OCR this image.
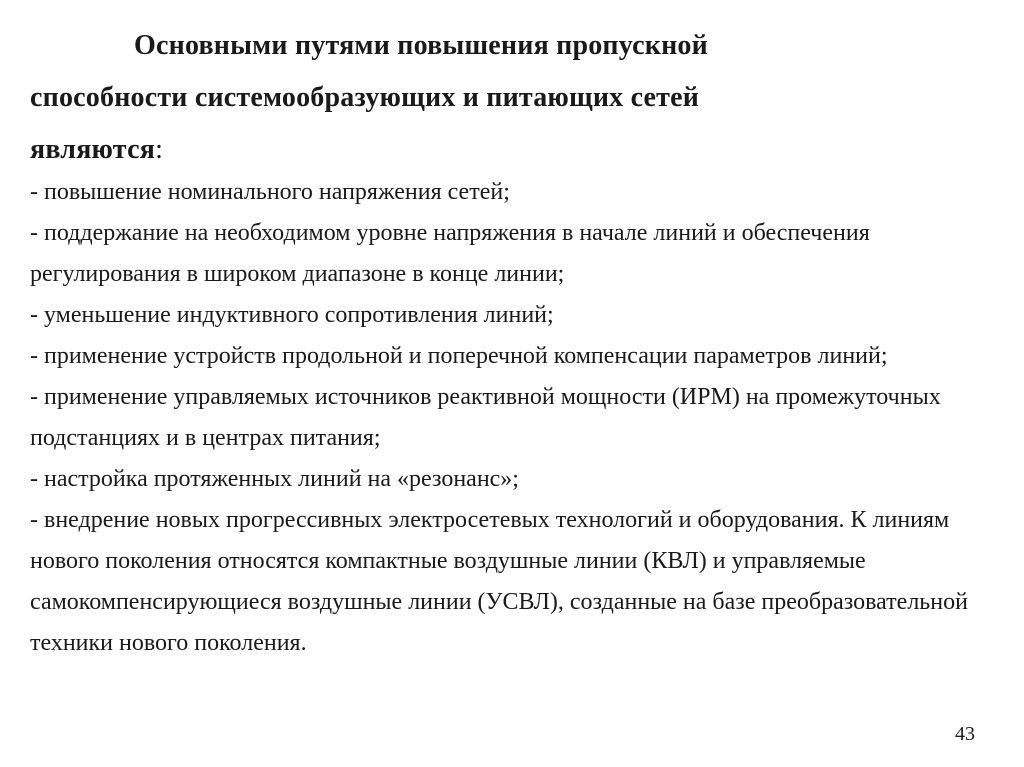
Основными путями повышения пропускной
способности системообразующих и питающих сетей
являются:
- повышение номинального напряжения сетей;
- поддержание на необходимом уровне напряжения в начале линий и обеспечения регулирования в широком диапазоне в конце линии;
- уменьшение индуктивного сопротивления линий;
- применение устройств продольной и поперечной компенсации параметров линий;
- применение управляемых источников реактивной мощности (ИРМ) на промежуточных подстанциях и в центрах питания;
- настройка протяженных линий на «резонанс»;
- внедрение новых прогрессивных электросетевых технологий и оборудования. К линиям нового поколения относятся компактные воздушные линии (КВЛ) и управляемые самокомпенсирующиеся воздушные линии (УСВЛ), созданные на базе преобразовательной техники нового поколения.
43
